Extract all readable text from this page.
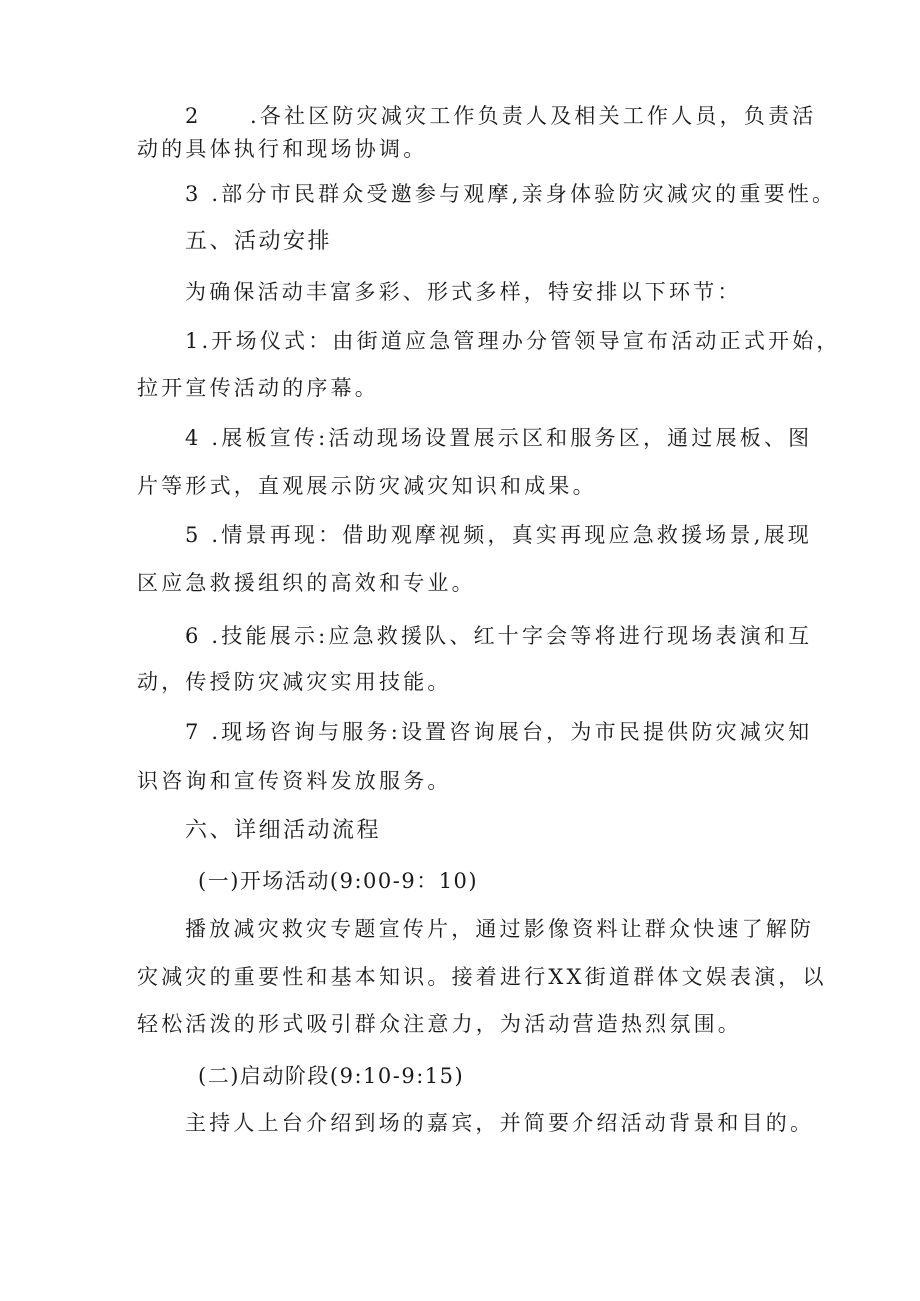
2　　.各社区防灾减灾工作负责人及相关工作人员，负责活
动的具体执行和现场协调。
3 .部分市民群众受邀参与观摩,亲身体验防灾减灾的重要性。
五、活动安排
为确保活动丰富多彩、形式多样，特安排以下环节：
1.开场仪式：由街道应急管理办分管领导宣布活动正式开始，
拉开宣传活动的序幕。
4 .展板宣传:活动现场设置展示区和服务区，通过展板、图
片等形式，直观展示防灾减灾知识和成果。
5 .情景再现：借助观摩视频，真实再现应急救援场景,展现
区应急救援组织的高效和专业。
6 .技能展示:应急救援队、红十字会等将进行现场表演和互
动，传授防灾减灾实用技能。
7 .现场咨询与服务:设置咨询展台，为市民提供防灾减灾知
识咨询和宣传资料发放服务。
六、详细活动流程
(一)开场活动(9:00-9：10)
播放减灾救灾专题宣传片，通过影像资料让群众快速了解防
灾减灾的重要性和基本知识。接着进行XX街道群体文娱表演，以
轻松活泼的形式吸引群众注意力，为活动营造热烈氛围。
(二)启动阶段(9:10-9:15)
主持人上台介绍到场的嘉宾，并简要介绍活动背景和目的。
